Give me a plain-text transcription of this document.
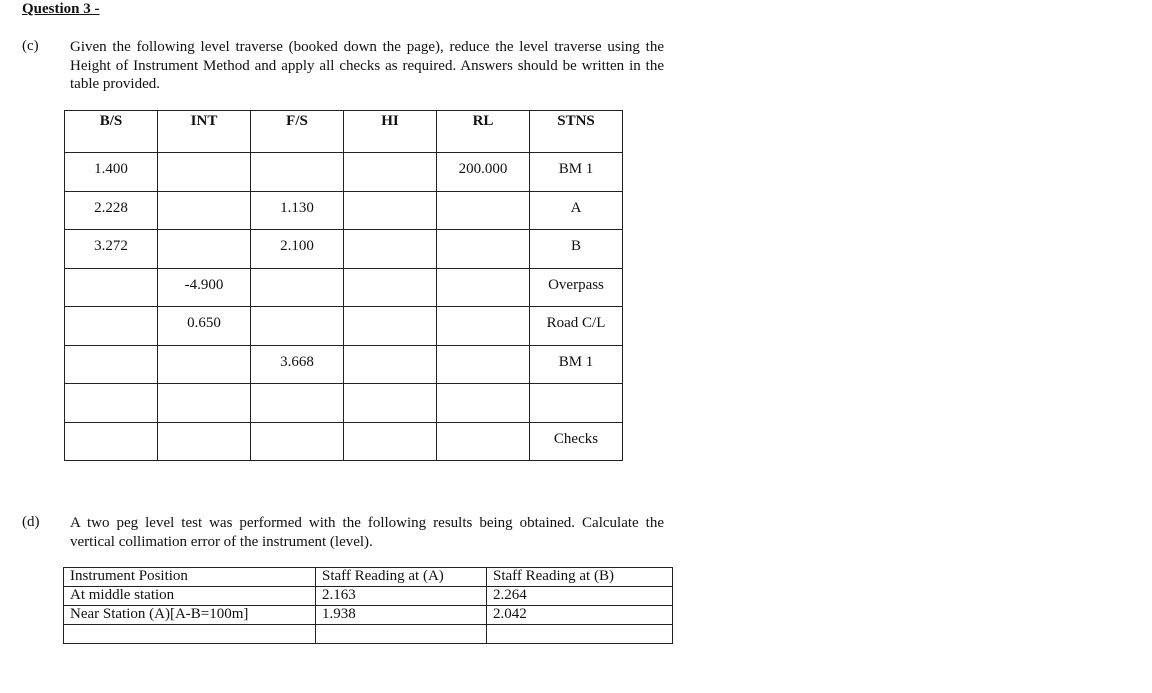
Question 3 -
(c) Given the following level traverse (booked down the page), reduce the level traverse using the Height of Instrument Method and apply all checks as required. Answers should be written in the table provided.
B/S	INT	F/S	HI	RL	STNS
1.400				200.000	BM 1
2.228		1.130			A
3.272		2.100			B
	-4.900				Overpass
	0.650				Road C/L
		3.668			BM 1

					Checks
(d) A two peg level test was performed with the following results being obtained. Calculate the vertical collimation error of the instrument (level).
Instrument Position	Staff Reading at (A)	Staff Reading at (B)
At middle station	2.163	2.264
Near Station (A)[A-B=100m]	1.938	2.042
